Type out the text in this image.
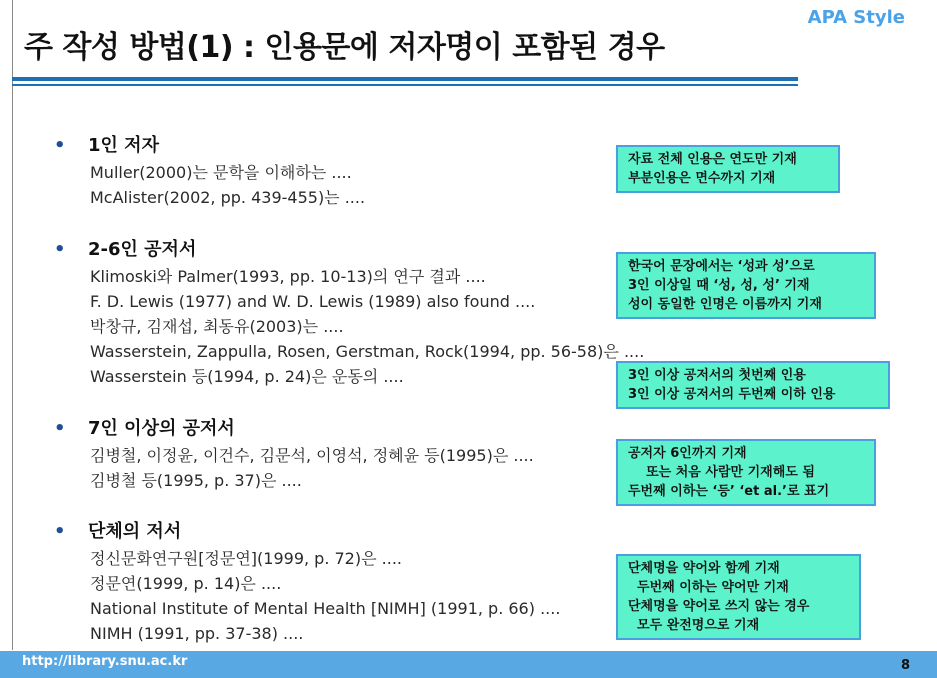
APA Style
주 작성 방법(1) : 인용문에 저자명이 포함된 경우
• 1인 저자
Muller(2000)는 문학을 이해하는 ....
McAlister(2002, pp. 439-455)는 ....
• 2-6인 공저서
Klimoski와 Palmer(1993, pp. 10-13)의 연구 결과 ....
F. D. Lewis (1977) and W. D. Lewis (1989) also found ....
박창규, 김재섭, 최동유(2003)는 ....
Wasserstein, Zappulla, Rosen, Gerstman, Rock(1994, pp. 56-58)은 ....
Wasserstein 등(1994, p. 24)은 운동의 ....
• 7인 이상의 공저서
김병철, 이정윤, 이건수, 김문석, 이영석, 정혜윤 등(1995)은 ....
김병철 등(1995, p. 37)은 ....
• 단체의 저서
정신문화연구원[정문연](1999, p. 72)은 ....
정문연(1999, p. 14)은 ....
National Institute of Mental Health [NIMH] (1991, p. 66) ....
NIMH (1991, pp. 37-38) ....
자료 전체 인용은 연도만 기재
부분인용은 면수까지 기재
한국어 문장에서는 ‘성과 성’으로
3인 이상일 때 ‘성, 성, 성’ 기재
성이 동일한 인명은 이름까지 기재
3인 이상 공저서의 첫번째 인용
3인 이상 공저서의 두번째 이하 인용
공저자 6인까지 기재
또는 처음 사람만 기재해도 됨
두번째 이하는 ‘등’ ‘et al.’로 표기
단체명을 약어와 함께 기재
두번째 이하는 약어만 기재
단체명을 약어로 쓰지 않는 경우
모두 완전명으로 기재
http://library.snu.ac.kr	8
